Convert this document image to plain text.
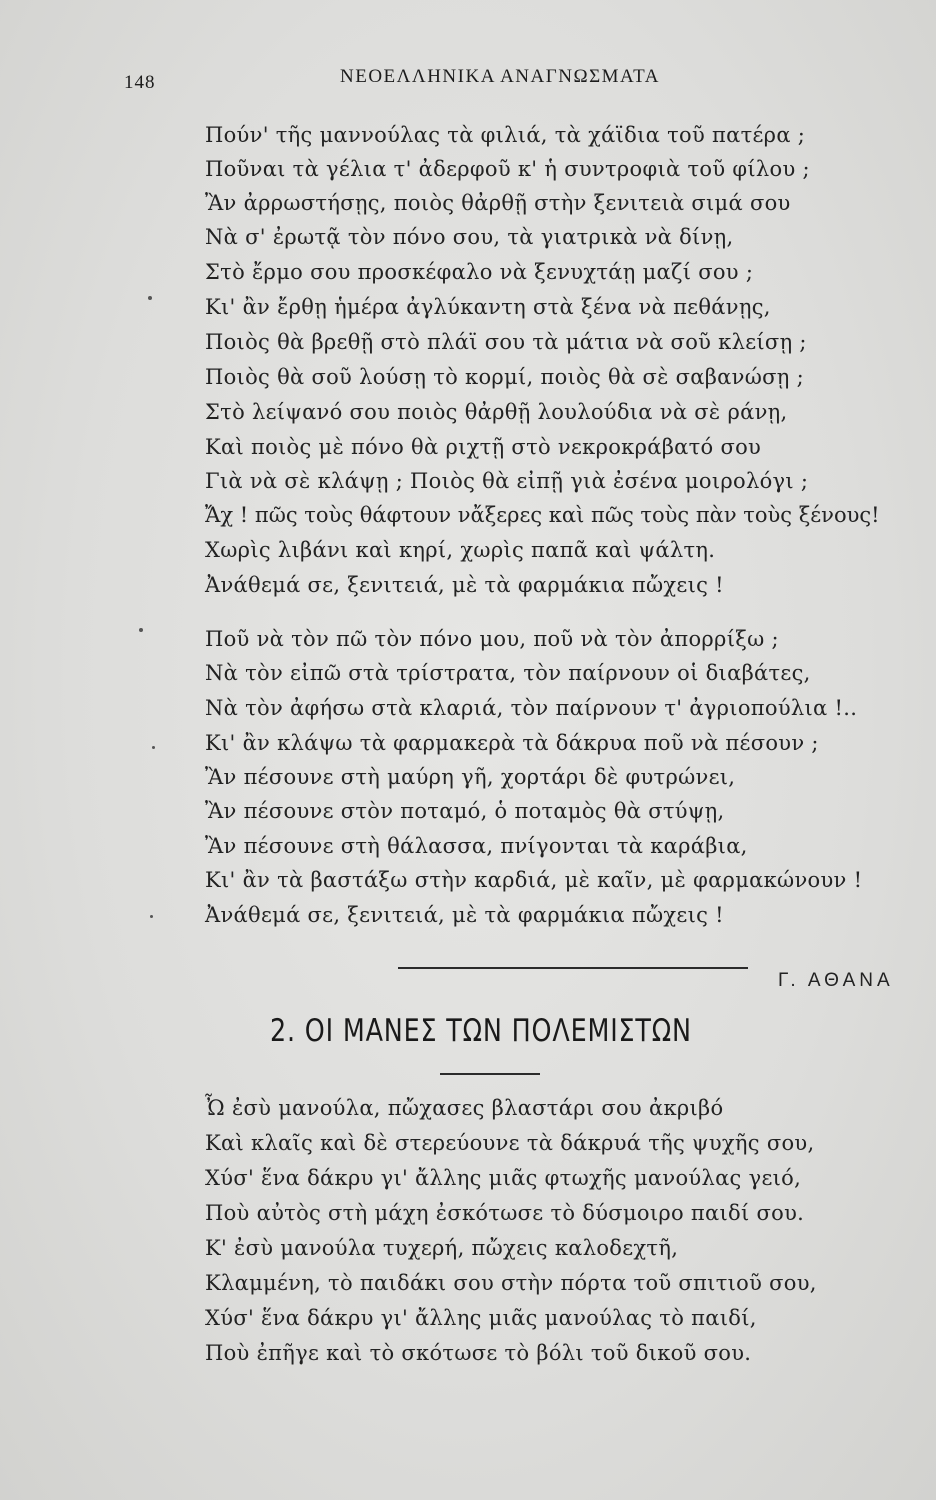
148	ΝΕΟΕΛΛΗΝΙΚΑ ΑΝΑΓΝΩΣΜΑΤΑ
Πούν' τῆς μαννούλας τὰ φιλιά, τὰ χάϊδια τοῦ πατέρα ;
Ποῦναι τὰ γέλια τ' ἀδερφοῦ κ' ἡ συντροφιὰ τοῦ φίλου ;
Ἂν ἀρρωστήσῃς, ποιὸς θἀρθῇ στὴν ξενιτειὰ σιμά σου
Νὰ σ' ἐρωτᾷ τὸν πόνο σου, τὰ γιατρικὰ νὰ δίνῃ,
Στὸ ἔρμο σου προσκέφαλο νὰ ξενυχτάῃ μαζί σου ;
Κι' ἂν ἔρθῃ ἡμέρα ἀγλύκαντη στὰ ξένα νὰ πεθάνῃς,
Ποιὸς θὰ βρεθῇ στὸ πλάϊ σου τὰ μάτια νὰ σοῦ κλείσῃ ;
Ποιὸς θὰ σοῦ λούσῃ τὸ κορμί, ποιὸς θὰ σὲ σαβανώσῃ ;
Στὸ λείψανό σου ποιὸς θἀρθῇ λουλούδια νὰ σὲ ράνῃ,
Καὶ ποιὸς μὲ πόνο θὰ ριχτῇ στὸ νεκροκράβατό σου
Γιὰ νὰ σὲ κλάψῃ ; Ποιὸς θὰ εἰπῇ γιὰ ἐσένα μοιρολόγι ;
Ἄχ ! πῶς τοὺς θάφτουν νἄξερες καὶ πῶς τοὺς πὰν τοὺς ξένους!
Χωρὶς λιβάνι καὶ κηρί, χωρὶς παπᾶ καὶ ψάλτη.
Ἀνάθεμά σε, ξενιτειά, μὲ τὰ φαρμάκια πὤχεις !
Ποῦ νὰ τὸν πῶ τὸν πόνο μου, ποῦ νὰ τὸν ἀπορρίξω ;
Νὰ τὸν εἰπῶ στὰ τρίστρατα, τὸν παίρνουν οἱ διαβάτες,
Νὰ τὸν ἀφήσω στὰ κλαριά, τὸν παίρνουν τ' ἀγριοπούλια !..
Κι' ἂν κλάψω τὰ φαρμακερὰ τὰ δάκρυα ποῦ νὰ πέσουν ;
Ἂν πέσουνε στὴ μαύρη γῆ, χορτάρι δὲ φυτρώνει,
Ἂν πέσουνε στὸν ποταμό, ὁ ποταμὸς θὰ στύψῃ,
Ἂν πέσουνε στὴ θάλασσα, πνίγονται τὰ καράβια,
Κι' ἂν τὰ βαστάξω στὴν καρδιά, μὲ καῖν, μὲ φαρμακώνουν !
Ἀνάθεμά σε, ξενιτειά, μὲ τὰ φαρμάκια πὤχεις !
Γ. ΑΘΑΝΑ
2. ΟΙ ΜΑΝΕΣ ΤΩΝ ΠΟΛΕΜΙΣΤΩΝ
Ὦ ἐσὺ μανούλα, πὤχασες βλαστάρι σου ἀκριβό
Καὶ κλαῖς καὶ δὲ στερεύουνε τὰ δάκρυά τῆς ψυχῆς σου,
Χύσ' ἕνα δάκρυ γι' ἄλλης μιᾶς φτωχῆς μανούλας γειό,
Ποὺ αὐτὸς στὴ μάχη ἐσκότωσε τὸ δύσμοιρο παιδί σου.
Κ' ἐσὺ μανούλα τυχερή, πὤχεις καλοδεχτῆ,
Κλαμμένη, τὸ παιδάκι σου στὴν πόρτα τοῦ σπιτιοῦ σου,
Χύσ' ἕνα δάκρυ γι' ἄλλης μιᾶς μανούλας τὸ παιδί,
Ποὺ ἐπῆγε καὶ τὸ σκότωσε τὸ βόλι τοῦ δικοῦ σου.
